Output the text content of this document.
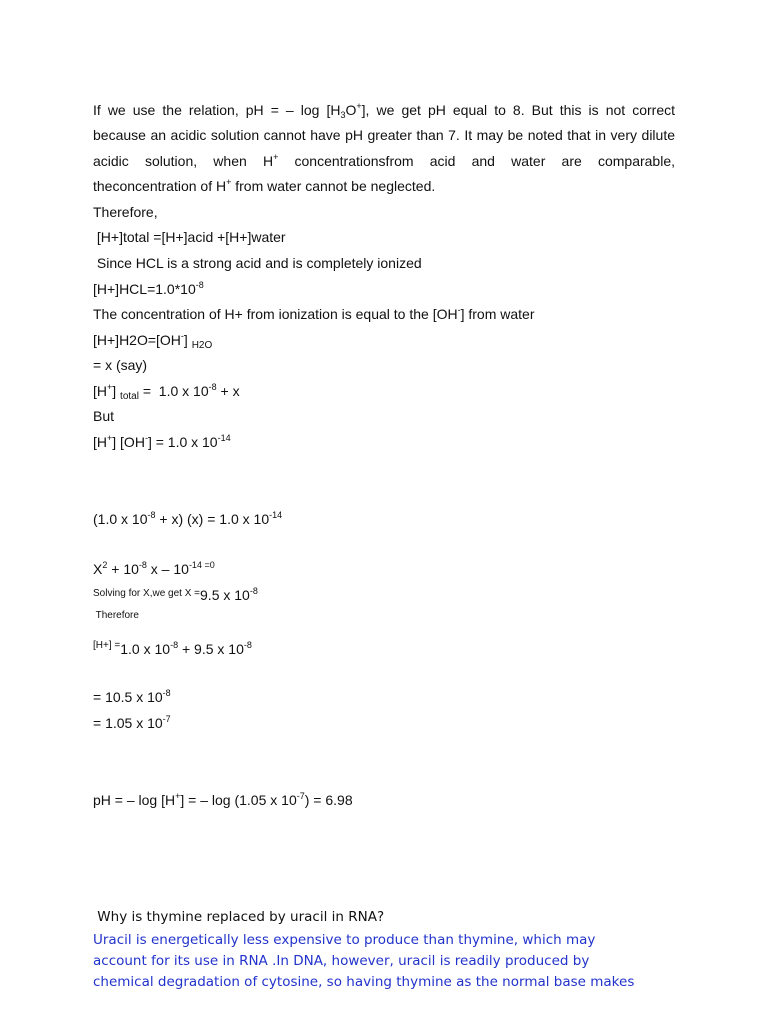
If we use the relation, pH = – $\log [H_3O^+]$, we get pH equal to 8. But this is not correct
because an acidic solution cannot have pH greater than 7. It may be noted that in very dilute
acidic solution, when H+ concentrationsfrom acid and water are comparable,
theconcentration of H+ from water cannot be neglected.
Therefore,
[H+]total =[H+]acid +[H+]water
Since HCL is a strong acid and is completely ionized
$[H+]HCL=1.0*10^{-8}$
The concentration of H+ from ionization is equal to the [OH-] from water
[H+]H2O=[OH-] $_{H2O}$
= x (say)
[H+] $_{total}$ =  1.0 x $10^{-8} + x$
But
[H+] [OH-] = 1.0 x $10^{-14}$
(1.0 x $10^{-8} + x$) (x) = 1.0 x $10^{-14}$
$X^2 + 10^{-8}$ x – $10^{-14 =0}$
$^{Solving for X,we get X =}$9.5 x $10^{-8}$
Therefore
$^{[H+] =}$1.0 x $10^{-8} + 9.5$ x $10^{-8}$
= 10.5 x $10^{-8}$
= 1.05 x $10^{-7}$
pH = – log [H+] = – log (1.05 x $10^{-7}) = 6.98$
Why is thymine replaced by uracil in RNA?
Uracil is energetically less expensive to produce than thymine, which may
account for its use in RNA .In DNA, however, uracil is readily produced by
chemical degradation of cytosine, so having thymine as the normal base makes
